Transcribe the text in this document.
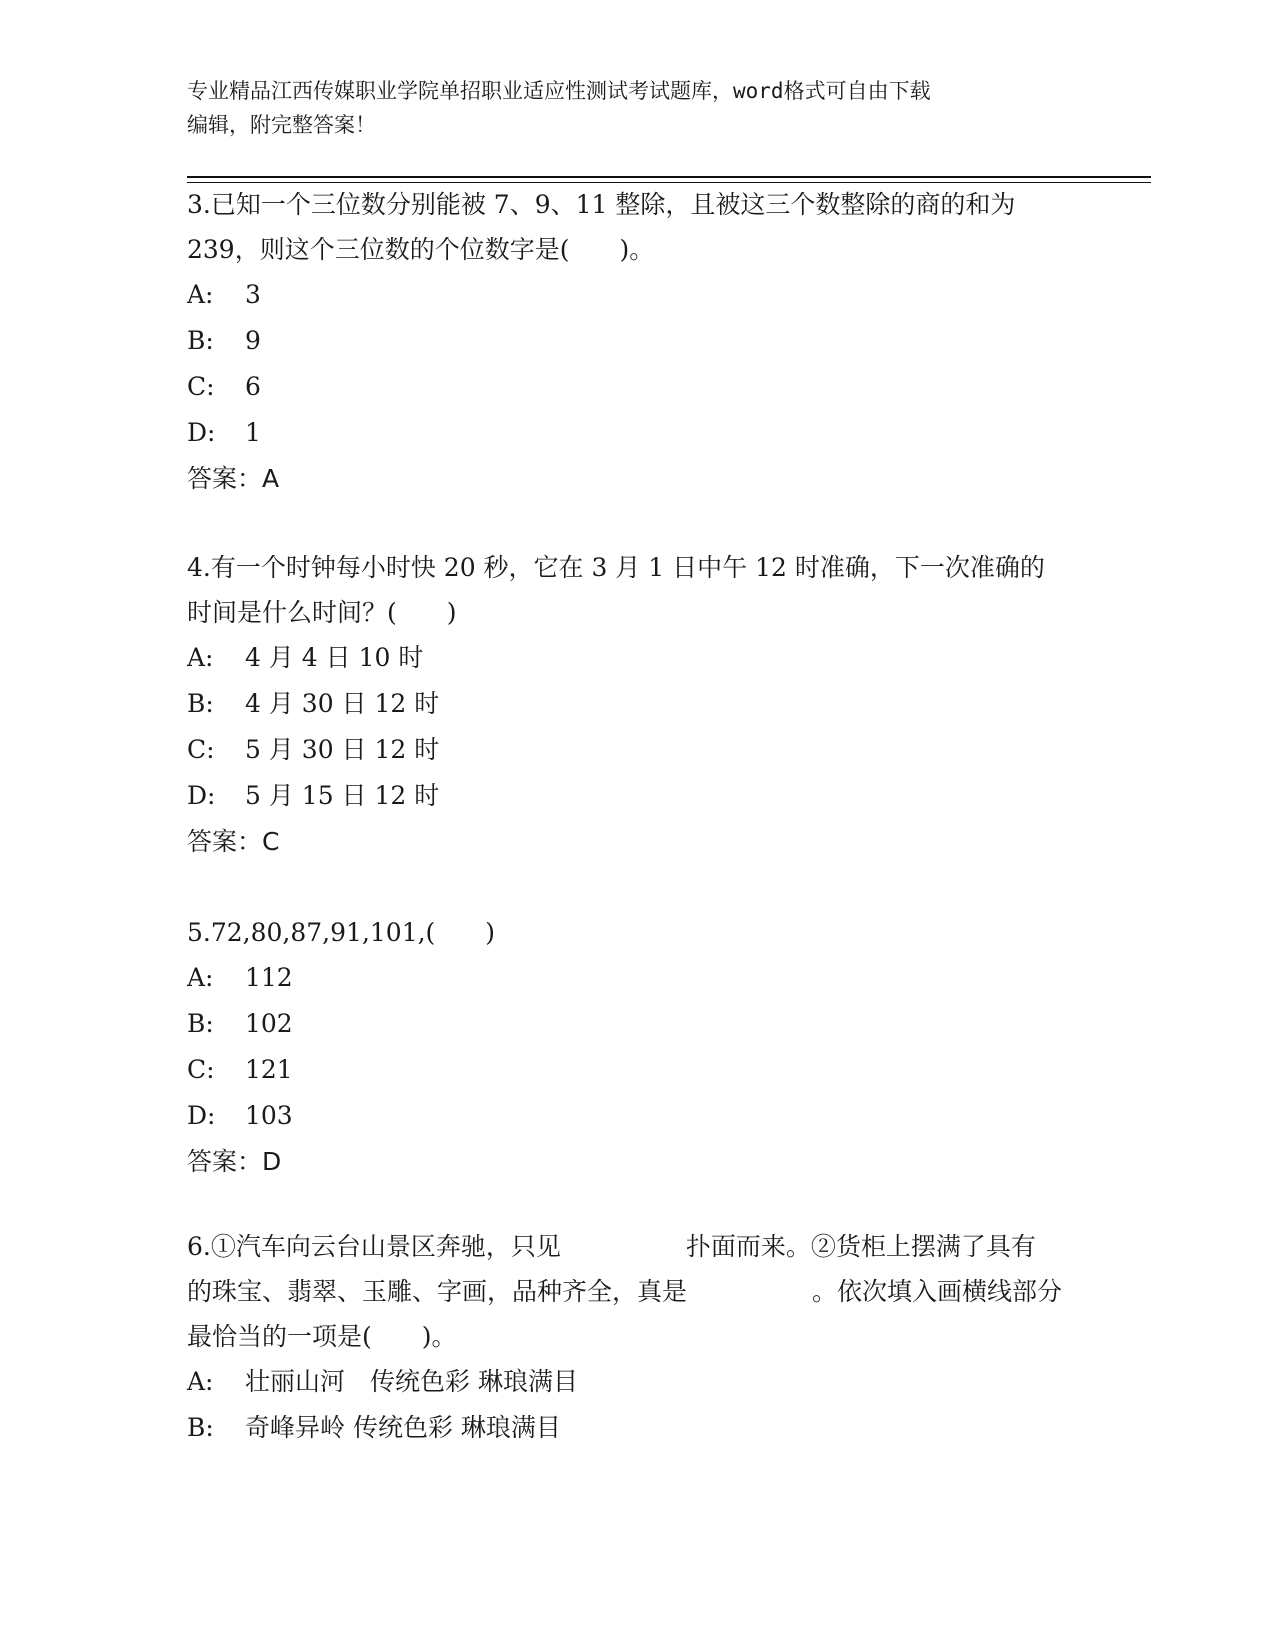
专业精品江西传媒职业学院单招职业适应性测试考试题库，word格式可自由下载
编辑，附完整答案！

3.已知一个三位数分别能被 7、9、11 整除，且被这三个数整除的商的和为 239，则这个三位数的个位数字是(　　)。

A: 3
B: 9
C: 6
D: 1
答案：A

4.有一个时钟每小时快 20 秒，它在 3 月 1 日中午 12 时准确，下一次准确的时间是什么时间？(　　)

A: 4 月 4 日 10 时
B: 4 月 30 日 12 时
C: 5 月 30 日 12 时
D: 5 月 15 日 12 时
答案：C

5.72,80,87,91,101,(　　)

A: 112
B: 102
C: 121
D: 103
答案：D

6.①汽车向云台山景区奔驰，只见　　　　　扑面而来。②货柜上摆满了具有　　　　　的珠宝、翡翠、玉雕、字画，品种齐全，真是　　　　　。依次填入画横线部分最恰当的一项是(　　)。

A: 壮丽山河　传统色彩 琳琅满目
B: 奇峰异岭 传统色彩 琳琅满目
